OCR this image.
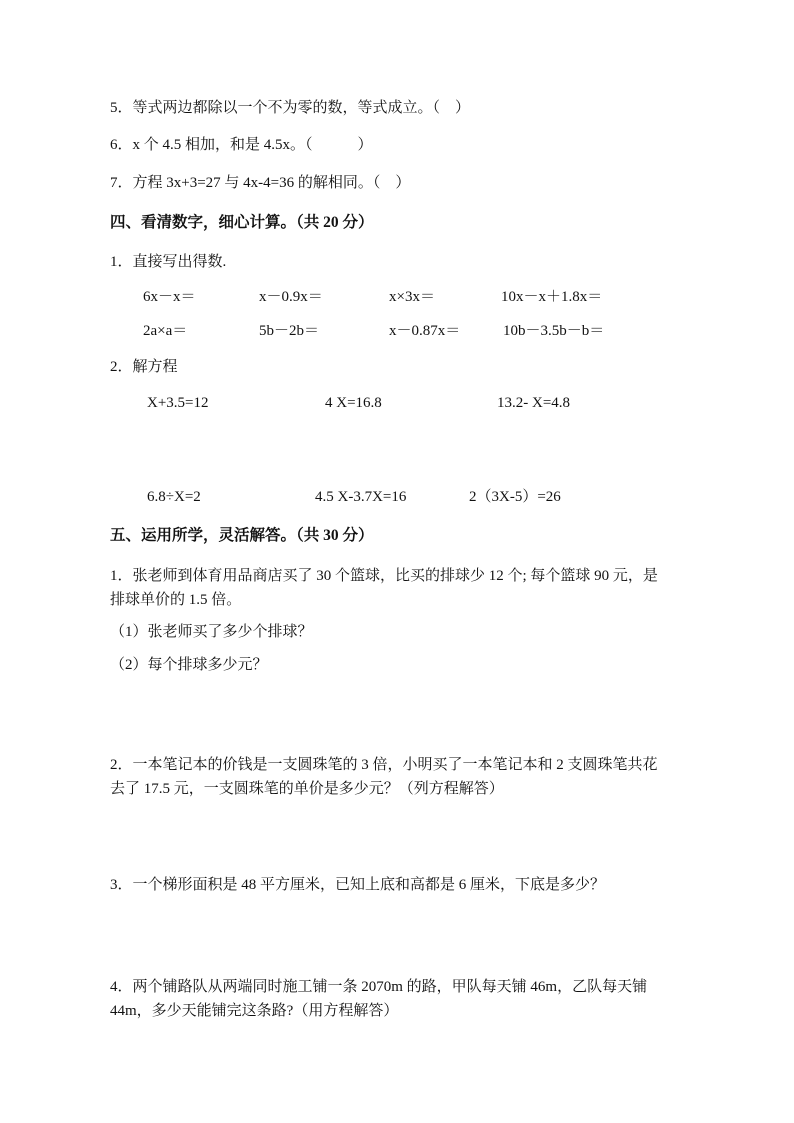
5．等式两边都除以一个不为零的数，等式成立。（　）
6．x 个 4.5 相加，和是 4.5x。（　　　）
7．方程 3x+3=27 与 4x-4=36 的解相同。（　）
四、看清数字，细心计算。（共 20 分）
1．直接写出得数.
6x－x＝	x－0.9x＝	x×3x＝	10x－x＋1.8x＝
2a×a＝	5b－2b＝	x－0.87x＝	10b－3.5b－b＝
2．解方程
X+3.5=12	4 X=16.8	13.2- X=4.8
6.8÷X=2	4.5 X-3.7X=16	2（3X-5）=26
五、运用所学，灵活解答。（共 30 分）
1．张老师到体育用品商店买了 30 个篮球，比买的排球少 12 个; 每个篮球 90 元，是
排球单价的 1.5 倍。
（1）张老师买了多少个排球？
（2）每个排球多少元？
2．一本笔记本的价钱是一支圆珠笔的 3 倍，小明买了一本笔记本和 2 支圆珠笔共花
去了 17.5 元，一支圆珠笔的单价是多少元？（列方程解答）
3．一个梯形面积是 48 平方厘米，已知上底和高都是 6 厘米，下底是多少？
4．两个铺路队从两端同时施工铺一条 2070m 的路，甲队每天铺 46m，乙队每天铺
44m，多少天能铺完这条路?（用方程解答）
